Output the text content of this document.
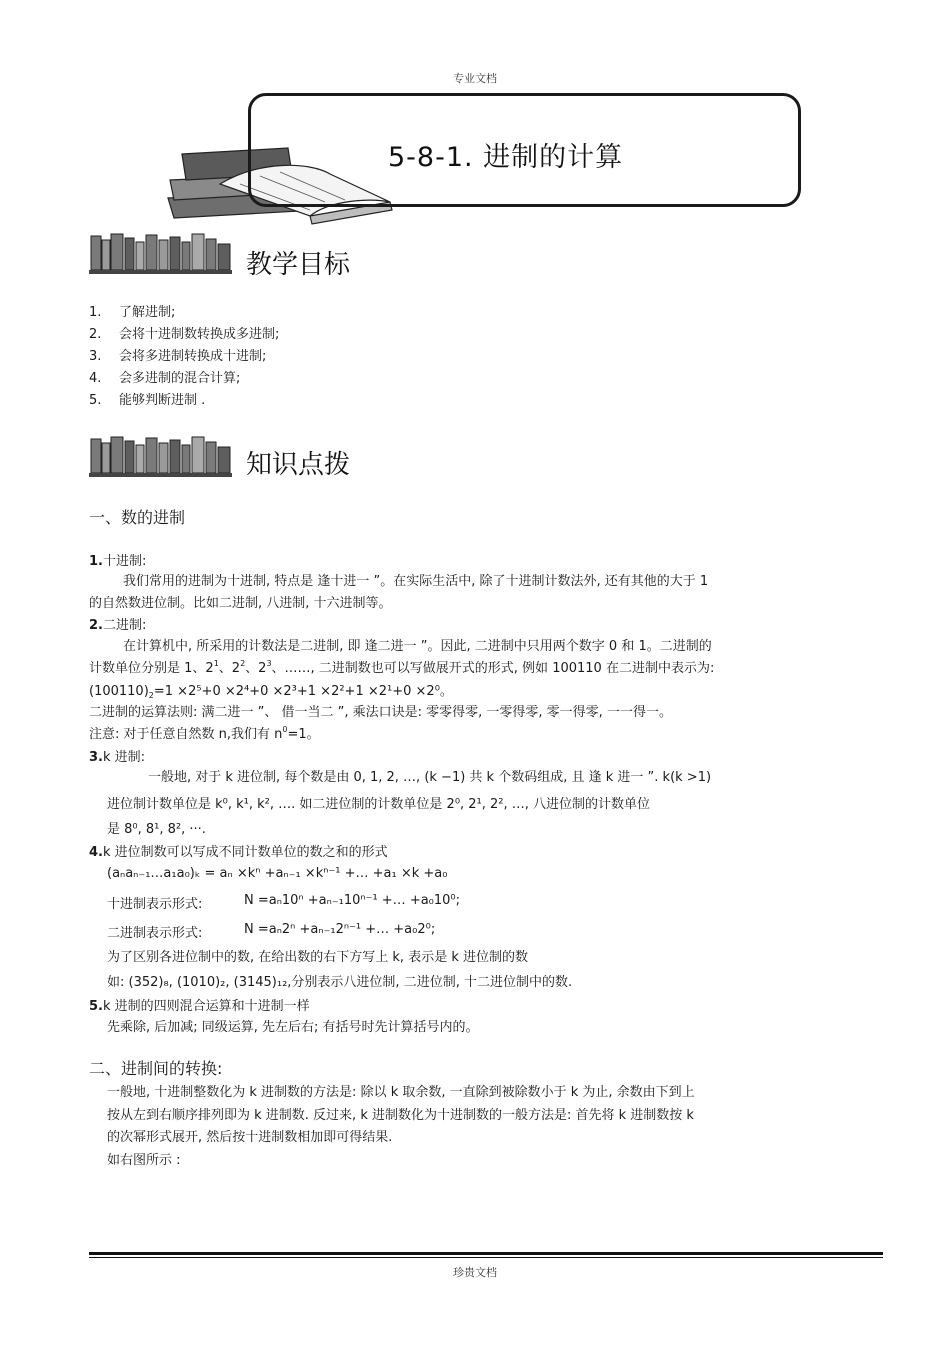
专业文档
5-8-1. 进制的计算
教学目标
1. 了解进制;
2. 会将十进制数转换成多进制;
3. 会将多进制转换成十进制;
4. 会多进制的混合计算;
5. 能够判断进制 .
知识点拨
一、数的进制
1.十进制:
我们常用的进制为十进制, 特点是 逢十进一 ”。在实际生活中, 除了十进制计数法外, 还有其他的大于 1
的自然数进位制。比如二进制, 八进制, 十六进制等。
2.二进制:
在计算机中, 所采用的计数法是二进制, 即 逢二进一 ”。因此, 二进制中只用两个数字 0 和 1。二进制的
计数单位分别是 1、$2^1$、$2^2$、$2^3$、……, 二进制数也可以写做展开式的形式, 例如 100110 在二进制中表示为:
$(100110)_2=1 \times 2^5+0 \times 2^4+0 \times 2^3+1 \times 2^2+1 \times 2^1+0 \times 2^0$。
二进制的运算法则: 满二进一 ”、 借一当二 ”, 乘法口诀是: 零零得零, 一零得零, 零一得零, 一一得一。
注意: 对于任意自然数 n,我们有 $n^0=1$。
3.k 进制:
一般地, 对于 k 进位制, 每个数是由 0, 1, 2, …, (k −1) 共 k 个数码组成, 且 逢 k 进一 ”. k(k >1)
进位制计数单位是 k⁰, k¹, k², …. 如二进位制的计数单位是 2⁰, 2¹, 2², …, 八进位制的计数单位
是 8⁰, 8¹, 8², ···.
4.k 进位制数可以写成不同计数单位的数之和的形式
(aₙaₙ₋₁…a₁a₀)ₖ = aₙ ×kⁿ +aₙ₋₁ ×kⁿ⁻¹ +… +a₁ ×k +a₀
十进制表示形式:	N =aₙ10ⁿ +aₙ₋₁10ⁿ⁻¹ +… +a₀10⁰;
二进制表示形式:	N =aₙ2ⁿ +aₙ₋₁2ⁿ⁻¹ +… +a₀2⁰;
为了区别各进位制中的数, 在给出数的右下方写上 k, 表示是 k 进位制的数
如: (352)₈, (1010)₂, (3145)₁₂,分别表示八进位制, 二进位制, 十二进位制中的数.
5.k 进制的四则混合运算和十进制一样
先乘除, 后加减; 同级运算, 先左后右; 有括号时先计算括号内的。
二、进制间的转换:
一般地, 十进制整数化为 k 进制数的方法是: 除以 k 取余数, 一直除到被除数小于 k 为止, 余数由下到上
按从左到右顺序排列即为 k 进制数. 反过来, k 进制数化为十进制数的一般方法是: 首先将 k 进制数按 k
的次幂形式展开, 然后按十进制数相加即可得结果.
如右图所示 :
珍贵文档
